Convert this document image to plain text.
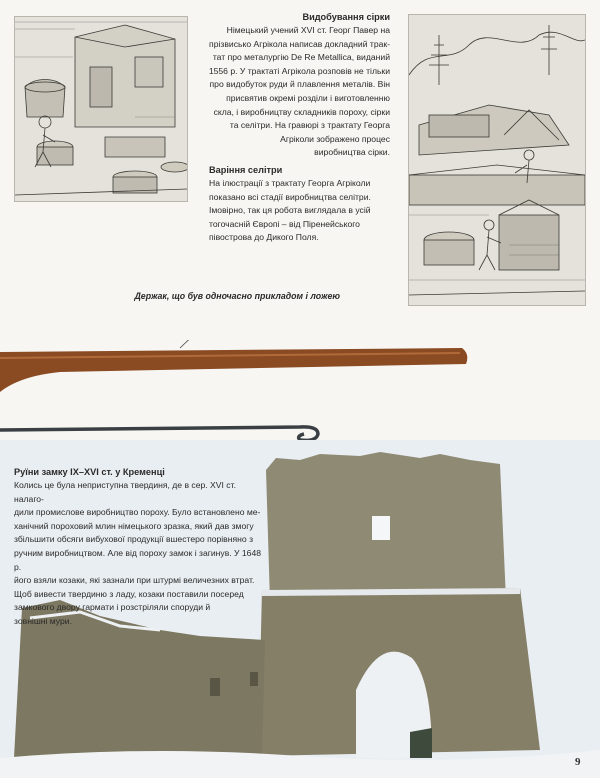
Видобування сірки

Німецький учений XVI ст. Георг Павер на
прізвисько Агрікола написав докладний трак-
тат про металургію De Re Metallica, виданий
1556 р. У трактаті Агрікола розповів не тільки
про видобуток руди й плавлення металів. Він
присвятив окремі розділи і виготовленню
скла, і виробництву складників пороху, сірки
та селітри. На гравюрі з трактату Георга
Агріколи зображено процес
виробництва сірки.

Варіння селітри

На ілюстрації з трактату Георга Агріколи
показано всі стадії виробництва селітри.
Імовірно, так ця робота виглядала в усій
тогочасній Європі – від Піренейського
півострова до Дикого Поля.

Держак, що був одночасно прикладом і ложею

Руїни замку IX–XVI ст. у Кременці

Колись це була неприступна твердиня, де в сер. XVI ст. налаго-
дили промислове виробництво пороху. Було встановлено ме-
ханічний пороховий млин німецького зразка, який дав змогу
збільшити обсяги вибухової продукції вшестеро порівняно з
ручним виробництвом. Але від пороху замок і загинув. У 1648 р.
його взяли козаки, які зазнали при штурмі величезних втрат.
Щоб вивести твердиню з ладу, козаки поставили посеред
замкового двору гармати і розстріляли споруди й
зовнішні мури.

9
